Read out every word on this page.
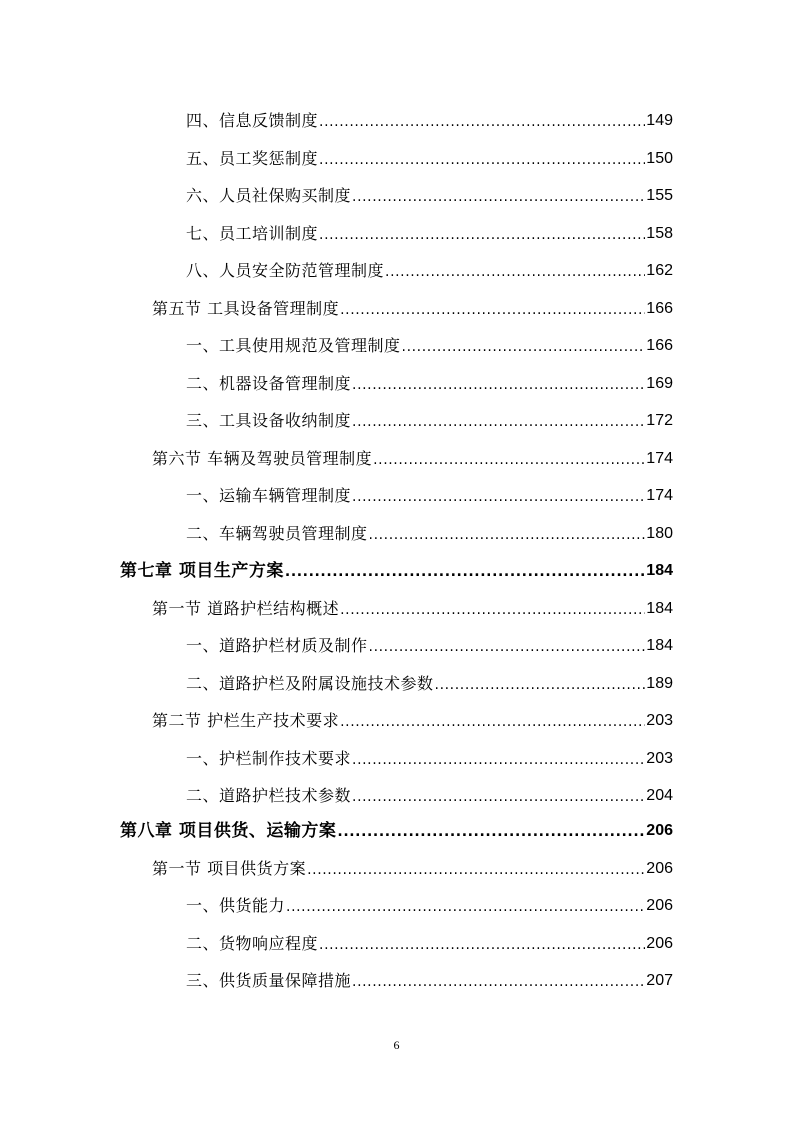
四、信息反馈制度 .....	149
五、员工奖惩制度 .....	150
六、人员社保购买制度 .....	155
七、员工培训制度 .....	158
八、人员安全防范管理制度 .....	162
第五节 工具设备管理制度 .....	166
一、工具使用规范及管理制度 .....	166
二、机器设备管理制度 .....	169
三、工具设备收纳制度 .....	172
第六节 车辆及驾驶员管理制度 .....	174
一、运输车辆管理制度 .....	174
二、车辆驾驶员管理制度 .....	180
第七章 项目生产方案 .....	184
第一节 道路护栏结构概述 .....	184
一、道路护栏材质及制作 .....	184
二、道路护栏及附属设施技术参数 .....	189
第二节 护栏生产技术要求 .....	203
一、护栏制作技术要求 .....	203
二、道路护栏技术参数 .....	204
第八章 项目供货、运输方案 .....	206
第一节 项目供货方案 .....	206
一、供货能力 .....	206
二、货物响应程度 .....	206
三、供货质量保障措施 .....	207
6
